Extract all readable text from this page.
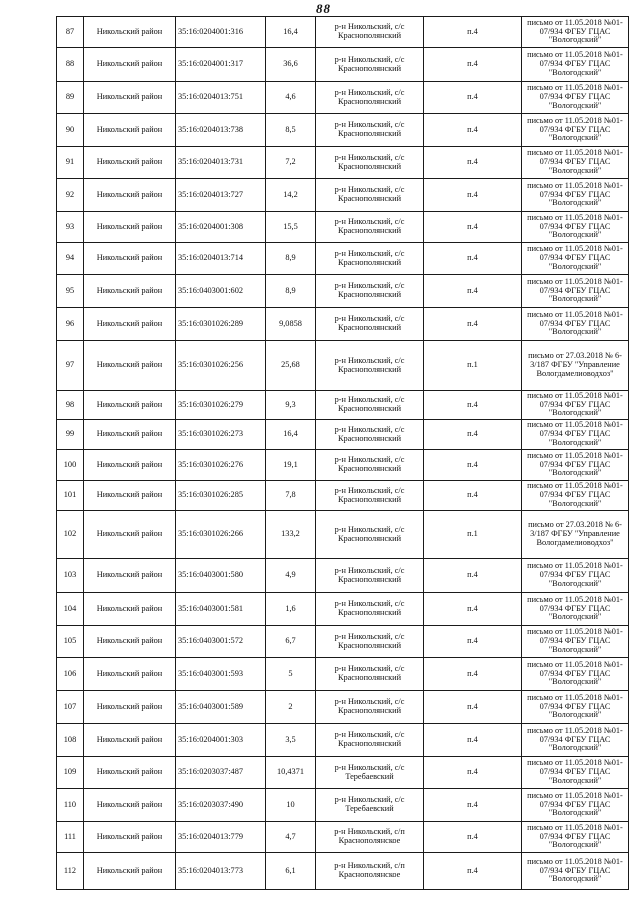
88
87	Никольский район	35:16:0204001:316	16,4	р-н Никольский, с/с Краснополянский	п.4	письмо от 11.05.2018 №01-07/934 ФГБУ ГЦАС "Вологодский"
88	Никольский район	35:16:0204001:317	36,6	р-н Никольский, с/с Краснополянский	п.4	письмо от 11.05.2018 №01-07/934 ФГБУ ГЦАС "Вологодский"
89	Никольский район	35:16:0204013:751	4,6	р-н Никольский, с/с Краснополянский	п.4	письмо от 11.05.2018 №01-07/934 ФГБУ ГЦАС "Вологодский"
90	Никольский район	35:16:0204013:738	8,5	р-н Никольский, с/с Краснополянский	п.4	письмо от 11.05.2018 №01-07/934 ФГБУ ГЦАС "Вологодский"
91	Никольский район	35:16:0204013:731	7,2	р-н Никольский, с/с Краснополянский	п.4	письмо от 11.05.2018 №01-07/934 ФГБУ ГЦАС "Вологодский"
92	Никольский район	35:16:0204013:727	14,2	р-н Никольский, с/с Краснополянский	п.4	письмо от 11.05.2018 №01-07/934 ФГБУ ГЦАС "Вологодский"
93	Никольский район	35:16:0204001:308	15,5	р-н Никольский, с/с Краснополянский	п.4	письмо от 11.05.2018 №01-07/934 ФГБУ ГЦАС "Вологодский"
94	Никольский район	35:16:0204013:714	8,9	р-н Никольский, с/с Краснополянский	п.4	письмо от 11.05.2018 №01-07/934 ФГБУ ГЦАС "Вологодский"
95	Никольский район	35:16:0403001:602	8,9	р-н Никольский, с/с Краснополянский	п.4	письмо от 11.05.2018 №01-07/934 ФГБУ ГЦАС "Вологодский"
96	Никольский район	35:16:0301026:289	9,0858	р-н Никольский, с/с Краснополянский	п.4	письмо от 11.05.2018 №01-07/934 ФГБУ ГЦАС "Вологодский"
97	Никольский район	35:16:0301026:256	25,68	р-н Никольский, с/с Краснополянский	п.1	письмо от 27.03.2018 № 6-3/187 ФГБУ "Управление Вологдамелиоводхоз"
98	Никольский район	35:16:0301026:279	9,3	р-н Никольский, с/с Краснополянский	п.4	письмо от 11.05.2018 №01-07/934 ФГБУ ГЦАС "Вологодский"
99	Никольский район	35:16:0301026:273	16,4	р-н Никольский, с/с Краснополянский	п.4	письмо от 11.05.2018 №01-07/934 ФГБУ ГЦАС "Вологодский"
100	Никольский район	35:16:0301026:276	19,1	р-н Никольский, с/с Краснополянский	п.4	письмо от 11.05.2018 №01-07/934 ФГБУ ГЦАС "Вологодский"
101	Никольский район	35:16:0301026:285	7,8	р-н Никольский, с/с Краснополянский	п.4	письмо от 11.05.2018 №01-07/934 ФГБУ ГЦАС "Вологодский"
102	Никольский район	35:16:0301026:266	133,2	р-н Никольский, с/с Краснополянский	п.1	письмо от 27.03.2018 № 6-3/187 ФГБУ "Управление Вологдамелиоводхоз"
103	Никольский район	35:16:0403001:580	4,9	р-н Никольский, с/с Краснополянский	п.4	письмо от 11.05.2018 №01-07/934 ФГБУ ГЦАС "Вологодский"
104	Никольский район	35:16:0403001:581	1,6	р-н Никольский, с/с Краснополянский	п.4	письмо от 11.05.2018 №01-07/934 ФГБУ ГЦАС "Вологодский"
105	Никольский район	35:16:0403001:572	6,7	р-н Никольский, с/с Краснополянский	п.4	письмо от 11.05.2018 №01-07/934 ФГБУ ГЦАС "Вологодский"
106	Никольский район	35:16:0403001:593	5	р-н Никольский, с/с Краснополянский	п.4	письмо от 11.05.2018 №01-07/934 ФГБУ ГЦАС "Вологодский"
107	Никольский район	35:16:0403001:589	2	р-н Никольский, с/с Краснополянский	п.4	письмо от 11.05.2018 №01-07/934 ФГБУ ГЦАС "Вологодский"
108	Никольский район	35:16:0204001:303	3,5	р-н Никольский, с/с Краснополянский	п.4	письмо от 11.05.2018 №01-07/934 ФГБУ ГЦАС "Вологодский"
109	Никольский район	35:16:0203037:487	10,4371	р-н Никольский, с/с Теребаевский	п.4	письмо от 11.05.2018 №01-07/934 ФГБУ ГЦАС "Вологодский"
110	Никольский район	35:16:0203037:490	10	р-н Никольский, с/с Теребаевский	п.4	письмо от 11.05.2018 №01-07/934 ФГБУ ГЦАС "Вологодский"
111	Никольский район	35:16:0204013:779	4,7	р-н Никольский, с/п Краснополянское	п.4	письмо от 11.05.2018 №01-07/934 ФГБУ ГЦАС "Вологодский"
112	Никольский район	35:16:0204013:773	6,1	р-н Никольский, с/п Краснополянское	п.4	письмо от 11.05.2018 №01-07/934 ФГБУ ГЦАС "Вологодский"
